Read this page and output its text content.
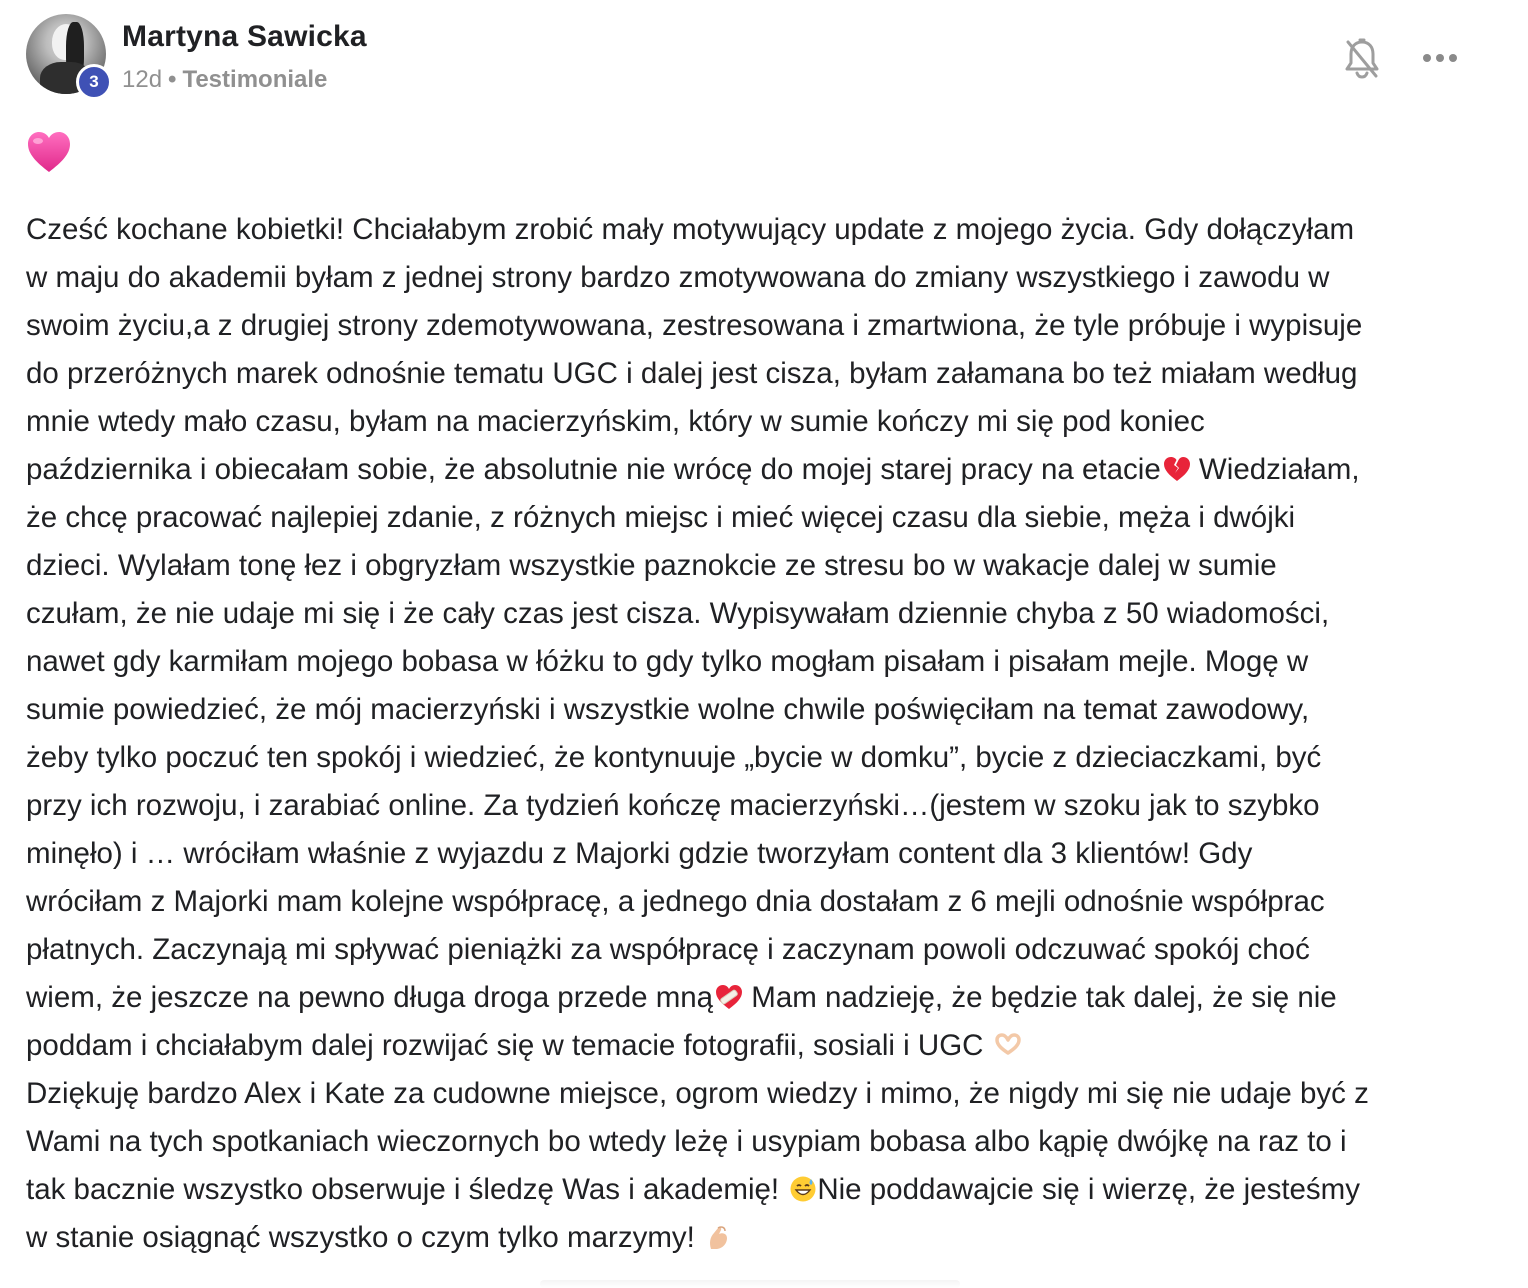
3
Martyna Sawicka
12d • Testimoniale

Cześć kochane kobietki! Chciałabym zrobić mały motywujący update z mojego życia. Gdy dołączyłam
w maju do akademii byłam z jednej strony bardzo zmotywowana do zmiany wszystkiego i zawodu w
swoim życiu,a z drugiej strony zdemotywowana, zestresowana i zmartwiona, że tyle próbuje i wypisuje
do przeróżnych marek odnośnie tematu UGC i dalej jest cisza, byłam załamana bo też miałam według
mnie wtedy mało czasu, byłam na macierzyńskim, który w sumie kończy mi się pod koniec
października i obiecałam sobie, że absolutnie nie wrócę do mojej starej pracy na etacie Wiedziałam,
że chcę pracować najlepiej zdanie, z różnych miejsc i mieć więcej czasu dla siebie, męża i dwójki
dzieci. Wylałam tonę łez i obgryzłam wszystkie paznokcie ze stresu bo w wakacje dalej w sumie
czułam, że nie udaje mi się i że cały czas jest cisza. Wypisywałam dziennie chyba z 50 wiadomości,
nawet gdy karmiłam mojego bobasa w łóżku to gdy tylko mogłam pisałam i pisałam mejle. Mogę w
sumie powiedzieć, że mój macierzyński i wszystkie wolne chwile poświęciłam na temat zawodowy,
żeby tylko poczuć ten spokój i wiedzieć, że kontynuuje „bycie w domku”, bycie z dzieciaczkami, być
przy ich rozwoju, i zarabiać online. Za tydzień kończę macierzyński…(jestem w szoku jak to szybko
minęło) i … wróciłam właśnie z wyjazdu z Majorki gdzie tworzyłam content dla 3 klientów! Gdy
wróciłam z Majorki mam kolejne współpracę, a jednego dnia dostałam z 6 mejli odnośnie współprac
płatnych. Zaczynają mi spływać pieniążki za współpracę i zaczynam powoli odczuwać spokój choć
wiem, że jeszcze na pewno długa droga przede mną Mam nadzieję, że będzie tak dalej, że się nie
poddam i chciałabym dalej rozwijać się w temacie fotografii, sosiali i UGC
Dziękuję bardzo Alex i Kate za cudowne miejsce, ogrom wiedzy i mimo, że nigdy mi się nie udaje być z
Wami na tych spotkaniach wieczornych bo wtedy leżę i usypiam bobasa albo kąpię dwójkę na raz to i
tak bacznie wszystko obserwuje i śledzę Was i akademię! Nie poddawajcie się i wierzę, że jesteśmy
w stanie osiągnąć wszystko o czym tylko marzymy!
